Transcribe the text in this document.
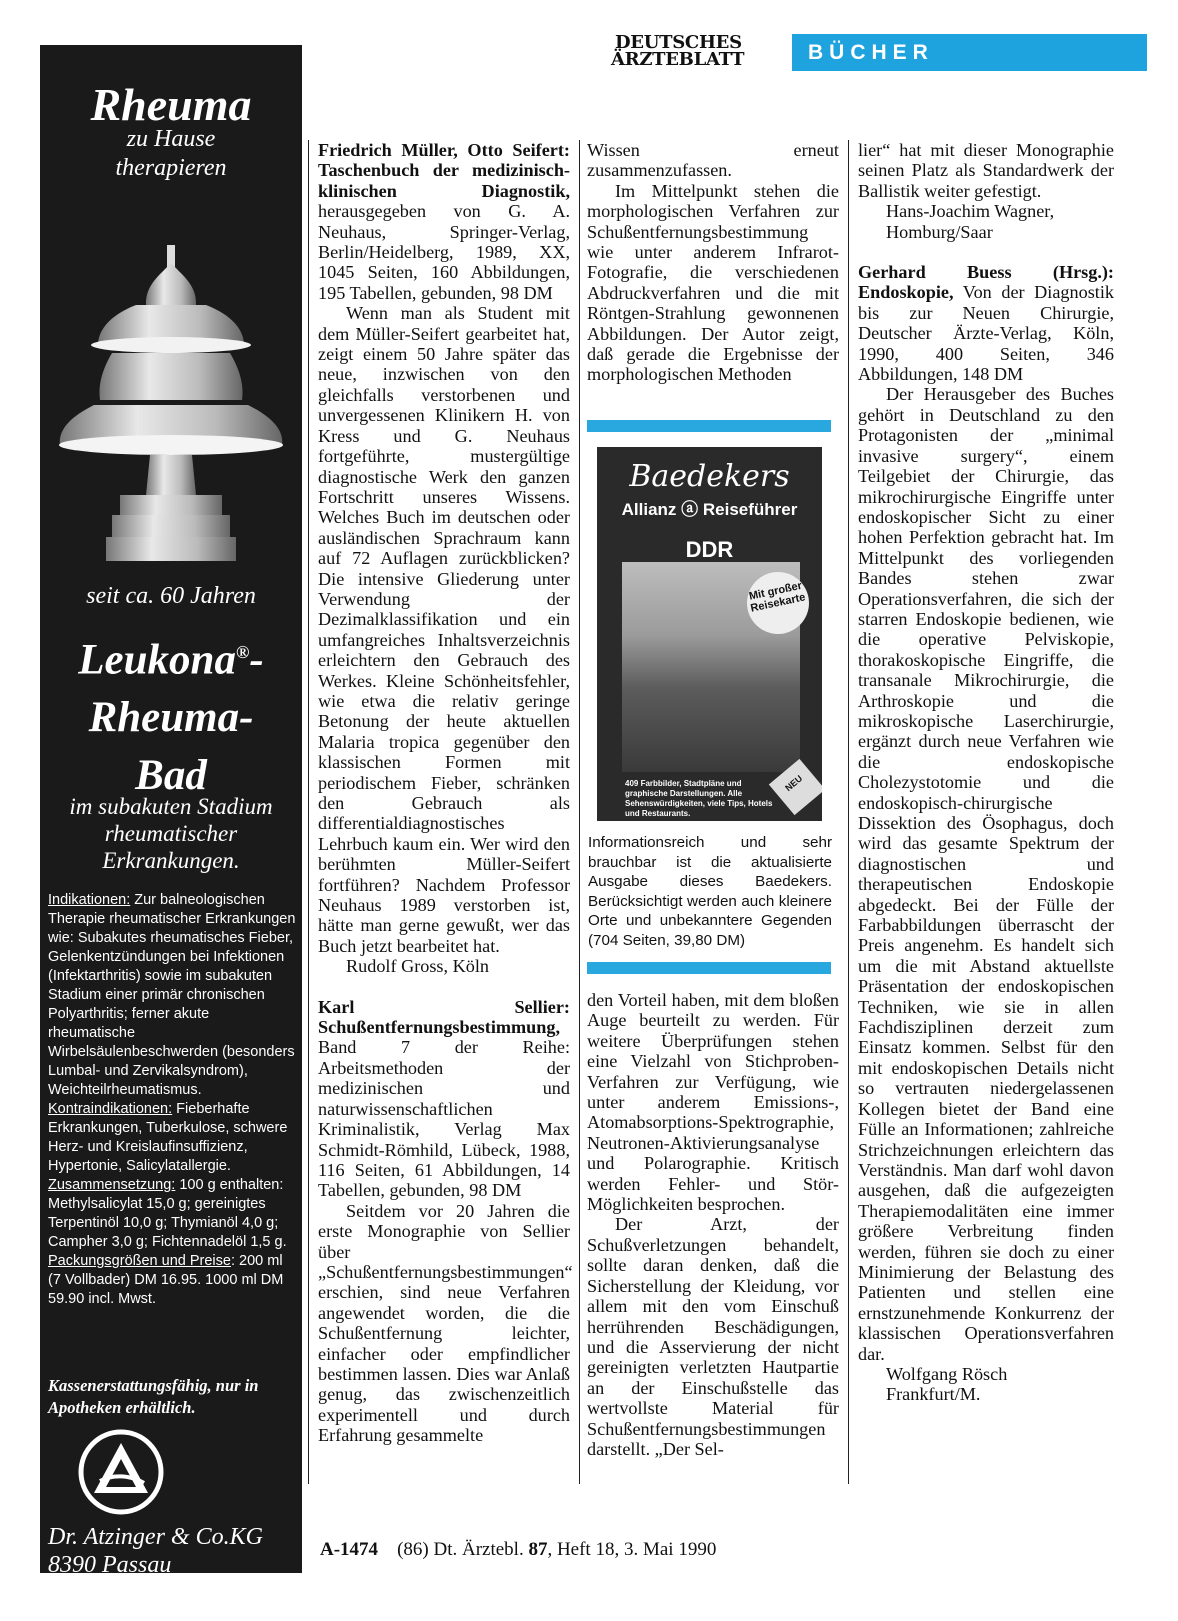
DEUTSCHES
ÄRZTEBLATT	BÜCHER
Rheuma
zu Hause
therapieren
seit ca. 60 Jahren
Leukona®-
Rheuma-
Bad
im subakuten Stadium
rheumatischer
Erkrankungen.
Indikationen: Zur balneologischen Therapie rheumatischer Erkrankungen wie: Subakutes rheumatisches Fieber, Gelenkentzündungen bei Infektionen (Infektarthritis) sowie im subakuten Stadium einer primär chronischen Polyarthritis; ferner akute rheumatische Wirbelsäulenbeschwerden (besonders Lumbal- und Zervikalsyndrom), Weichteilrheumatismus. Kontraindikationen: Fieberhafte Erkrankungen, Tuberkulose, schwere Herz- und Kreislaufinsuffizienz, Hypertonie, Salicylatallergie. Zusammensetzung: 100 g enthalten: Methylsalicylat 15,0 g; gereinigtes Terpentinöl 10,0 g; Thymianöl 4,0 g; Campher 3,0 g; Fichtennadelöl 1,5 g. Packungsgrößen und Preise: 200 ml (7 Vollbader) DM 16.95. 1000 ml DM 59.90 incl. Mwst.
Kassenerstattungsfähig, nur in Apotheken erhältlich.
Dr. Atzinger & Co.KG
8390 Passau

Friedrich Müller, Otto Seifert: Taschenbuch der medizinisch-klinischen Diagnostik, herausgegeben von G. A. Neuhaus, Springer-Verlag, Berlin/Heidelberg, 1989, XX, 1045 Seiten, 160 Abbildungen, 195 Tabellen, gebunden, 98 DM

Wenn man als Student mit dem Müller-Seifert gearbeitet hat, zeigt einem 50 Jahre später das neue, inzwischen von den gleichfalls verstorbenen und unvergessenen Klinikern H. von Kress und G. Neuhaus fortgeführte, mustergültige diagnostische Werk den ganzen Fortschritt unseres Wissens. Welches Buch im deutschen oder ausländischen Sprachraum kann auf 72 Auflagen zurückblicken? Die intensive Gliederung unter Verwendung der Dezimalklassifikation und ein umfangreiches Inhaltsverzeichnis erleichtern den Gebrauch des Werkes. Kleine Schönheitsfehler, wie etwa die relativ geringe Betonung der heute aktuellen Malaria tropica gegenüber den klassischen Formen mit periodischem Fieber, schränken den Gebrauch als differentialdiagnostisches Lehrbuch kaum ein. Wer wird den berühmten Müller-Seifert fortführen? Nachdem Professor Neuhaus 1989 verstorben ist, hätte man gerne gewußt, wer das Buch jetzt bearbeitet hat.

Rudolf Gross, Köln

Karl Sellier: Schußentfernungsbestimmung, Band 7 der Reihe: Arbeitsmethoden der medizinischen und naturwissenschaftlichen Kriminalistik, Verlag Max Schmidt-Römhild, Lübeck, 1988, 116 Seiten, 61 Abbildungen, 14 Tabellen, gebunden, 98 DM

Seitdem vor 20 Jahren die erste Monographie von Sellier über „Schußentfernungsbestimmungen“ erschien, sind neue Verfahren angewendet worden, die die Schußentfernung leichter, einfacher oder empfindlicher bestimmen lassen. Dies war Anlaß genug, das zwischenzeitlich experimentell und durch Erfahrung gesammelte

Wissen erneut zusammenzufassen.

Im Mittelpunkt stehen die morphologischen Verfahren zur Schußentfernungsbestimmung wie unter anderem Infrarot-Fotografie, die verschiedenen Abdruckverfahren und die mit Röntgen-Strahlung gewonnenen Abbildungen. Der Autor zeigt, daß gerade die Ergebnisse der morphologischen Methoden

Baedekers
Allianz ⓐ Reiseführer
DDR
Mit großer Reisekarte
409 Farbbilder, Stadtpläne und graphische Darstellungen. Alle Sehenswürdigkeiten, viele Tips, Hotels und Restaurants.
NEU
Informationsreich und sehr brauchbar ist die aktualisierte Ausgabe dieses Baedekers. Berücksichtigt werden auch kleinere Orte und unbekanntere Gegenden (704 Seiten, 39,80 DM)

den Vorteil haben, mit dem bloßen Auge beurteilt zu werden. Für weitere Überprüfungen stehen eine Vielzahl von Stichproben-Verfahren zur Verfügung, wie unter anderem Emissions-, Atomabsorptions-Spektrographie, Neutronen-Aktivierungsanalyse und Polarographie. Kritisch werden Fehler- und Stör-Möglichkeiten besprochen.

Der Arzt, der Schußverletzungen behandelt, sollte daran denken, daß die Sicherstellung der Kleidung, vor allem mit den vom Einschuß herrührenden Beschädigungen, und die Asservierung der nicht gereinigten verletzten Hautpartie an der Einschußstelle das wertvollste Material für Schußentfernungsbestimmungen darstellt. „Der Sel-

lier“ hat mit dieser Monographie seinen Platz als Standardwerk der Ballistik weiter gefestigt.

Hans-Joachim Wagner,

Homburg/Saar

Gerhard Buess (Hrsg.): Endoskopie, Von der Diagnostik bis zur Neuen Chirurgie, Deutscher Ärzte-Verlag, Köln, 1990, 400 Seiten, 346 Abbildungen, 148 DM

Der Herausgeber des Buches gehört in Deutschland zu den Protagonisten der „minimal invasive surgery“, einem Teilgebiet der Chirurgie, das mikrochirurgische Eingriffe unter endoskopischer Sicht zu einer hohen Perfektion gebracht hat. Im Mittelpunkt des vorliegenden Bandes stehen zwar Operationsverfahren, die sich der starren Endoskopie bedienen, wie die operative Pelviskopie, thorakoskopische Eingriffe, die transanale Mikrochirurgie, die Arthroskopie und die mikroskopische Laserchirurgie, ergänzt durch neue Verfahren wie die endoskopische Cholezystotomie und die endoskopisch-chirurgische Dissektion des Ösophagus, doch wird das gesamte Spektrum der diagnostischen und therapeutischen Endoskopie abgedeckt. Bei der Fülle der Farbabbildungen überrascht der Preis angenehm. Es handelt sich um die mit Abstand aktuellste Präsentation der endoskopischen Techniken, wie sie in allen Fachdisziplinen derzeit zum Einsatz kommen. Selbst für den mit endoskopischen Details nicht so vertrauten niedergelassenen Kollegen bietet der Band eine Fülle an Informationen; zahlreiche Strichzeichnungen erleichtern das Verständnis. Man darf wohl davon ausgehen, daß die aufgezeigten Therapiemodalitäten eine immer größere Verbreitung finden werden, führen sie doch zu einer Minimierung der Belastung des Patienten und stellen eine ernstzunehmende Konkurrenz der klassischen Operationsverfahren dar.

Wolfgang Rösch

Frankfurt/M.

A-1474 (86) Dt. Ärztebl. 87, Heft 18, 3. Mai 1990
